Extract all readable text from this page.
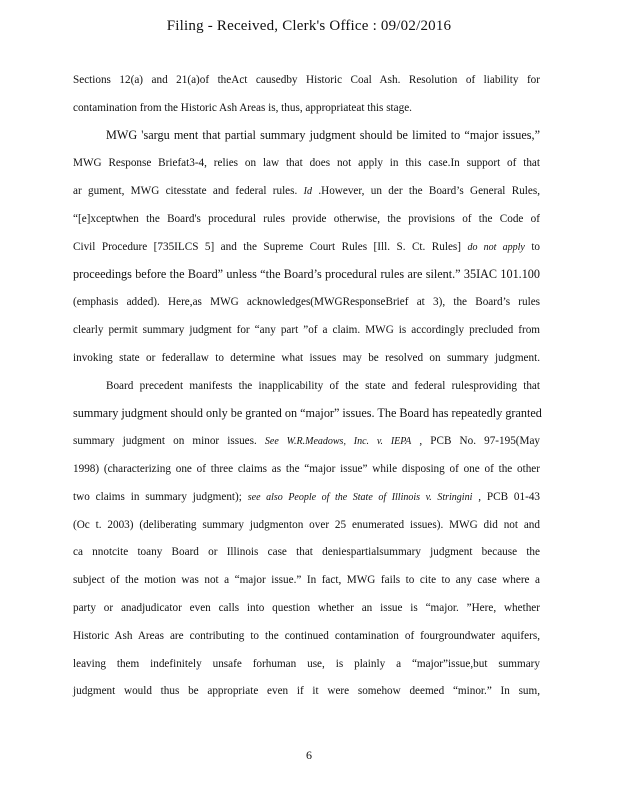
Filing - Received, Clerk's Office : 09/02/2016
Sections 12(a) and 21(a)of theAct causedby Historic Coal Ash. Resolution of liability for
contamination from the Historic Ash Areas is, thus, appropriateat this stage.
MWG 'sargu ment that partial summary judgment should be limited to “major issues,”
MWG Response Briefat3-4, relies on law that does not apply in this case.In support of that
ar gument, MWG citesstate and federal rules. Id .However, un der the Board’s General Rules,
“[e]xceptwhen the Board's procedural rules provide otherwise, the provisions of the Code of
Civil Procedure [735ILCS 5] and the Supreme Court Rules [Ill. S. Ct. Rules] do not apply to
proceedings before the Board” unless “the Board’s procedural rules are silent.” 35IAC 101.100
(emphasis added). Here,as MWG acknowledges(MWGResponseBrief at 3), the Board’s rules
clearly permit summary judgment for “any part ”of a claim. MWG is accordingly precluded from
invoking state or federallaw to determine what issues may be resolved on summary judgment.
Board precedent manifests the inapplicability of the state and federal rulesproviding that
summary judgment should only be granted on “major” issues. The Board has repeatedly granted
summary judgment on minor issues. See W.R.Meadows, Inc. v. IEPA , PCB No. 97-195(May
1998) (characterizing one of three claims as the “major issue” while disposing of one of the other
two claims in summary judgment); see also People of the State of Illinois v. Stringini , PCB 01-43
(Oc t. 2003) (deliberating summary judgmenton over 25 enumerated issues). MWG did not and
ca nnotcite toany Board or Illinois case that deniespartialsummary judgment because the
subject of the motion was not a “major issue.” In fact, MWG fails to cite to any case where a
party or anadjudicator even calls into question whether an issue is “major. ”Here, whether
Historic Ash Areas are contributing to the continued contamination of fourgroundwater aquifers,
leaving them indefinitely unsafe forhuman use, is plainly a “major”issue,but summary
judgment would thus be appropriate even if it were somehow deemed “minor.” In sum,
6
